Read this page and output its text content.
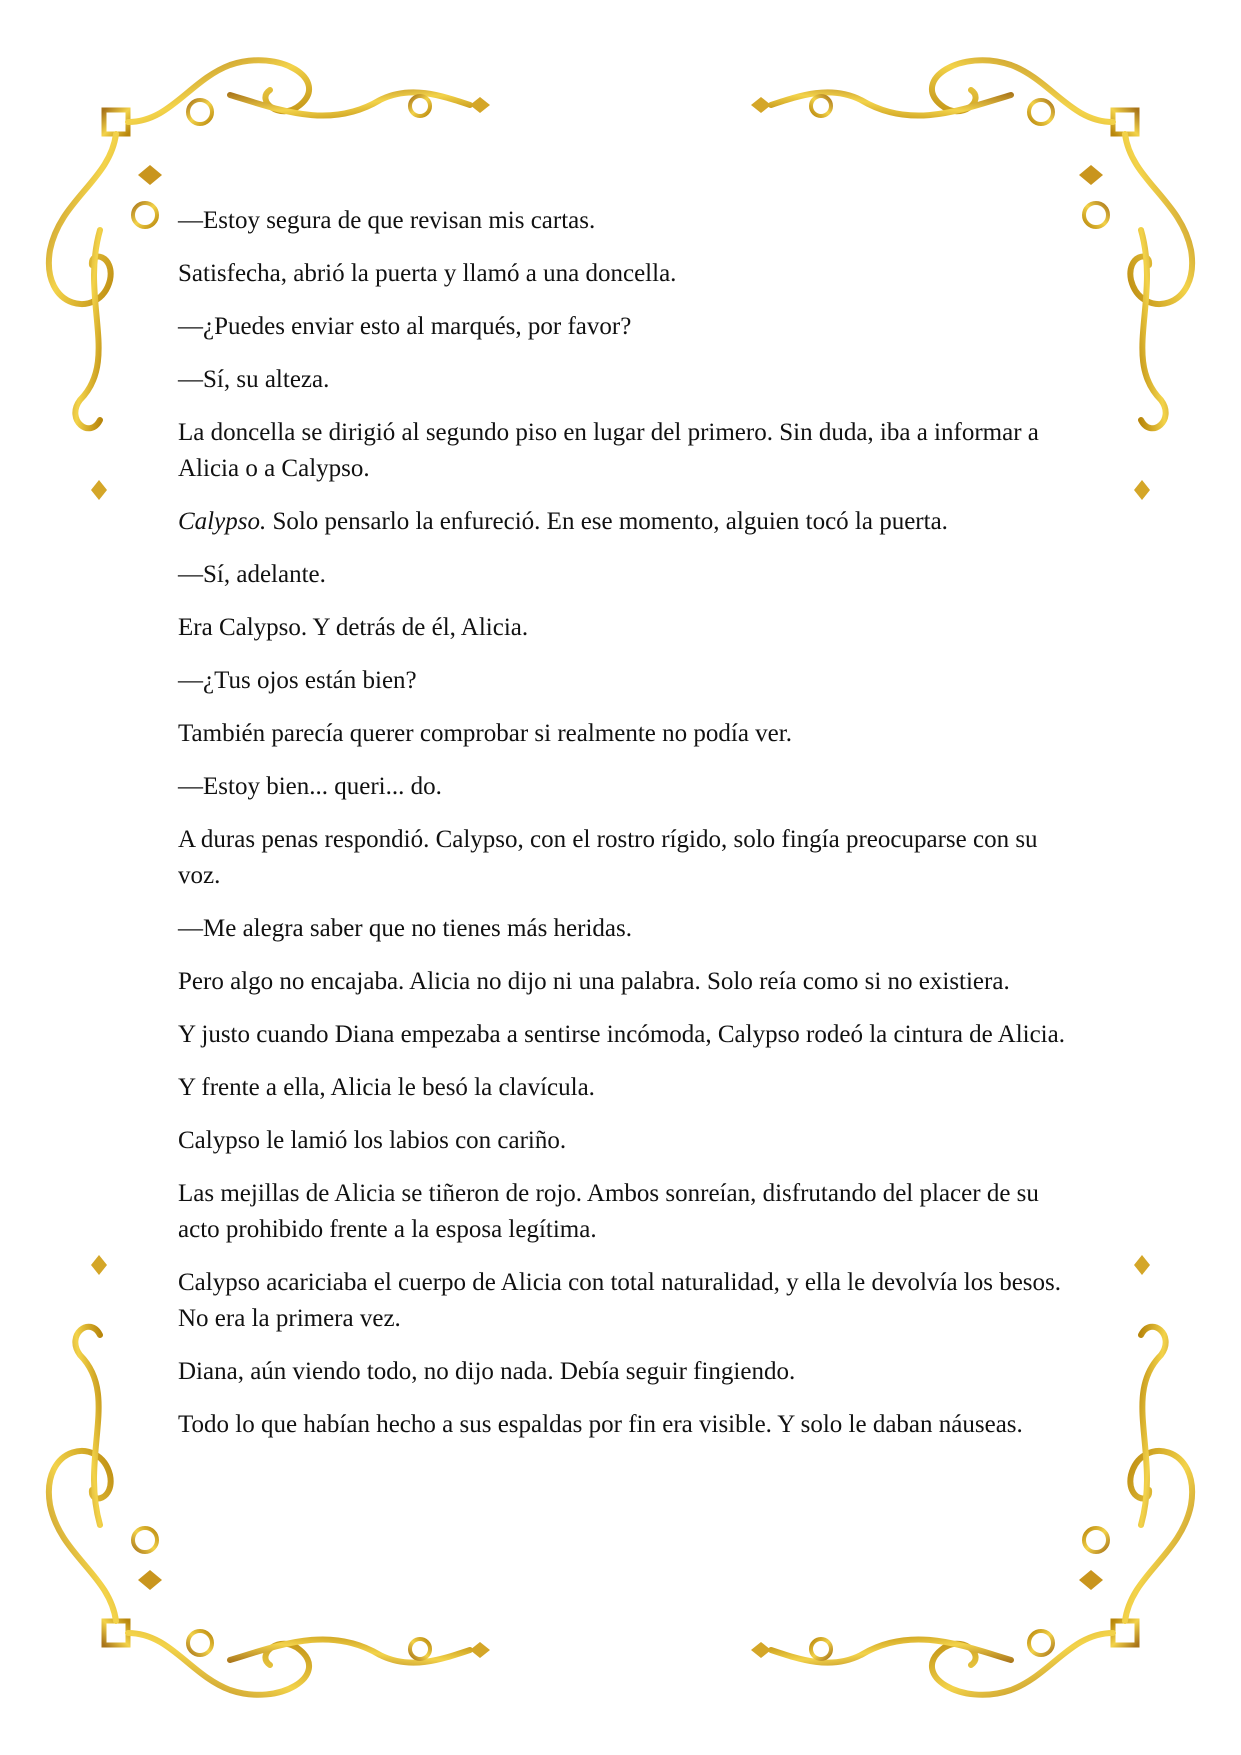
—Estoy segura de que revisan mis cartas.

Satisfecha, abrió la puerta y llamó a una doncella.

—¿Puedes enviar esto al marqués, por favor?

—Sí, su alteza.

La doncella se dirigió al segundo piso en lugar del primero. Sin duda, iba a informar a Alicia o a Calypso.

Calypso. Solo pensarlo la enfureció. En ese momento, alguien tocó la puerta.

—Sí, adelante.

Era Calypso. Y detrás de él, Alicia.

—¿Tus ojos están bien?

También parecía querer comprobar si realmente no podía ver.

—Estoy bien... queri... do.

A duras penas respondió. Calypso, con el rostro rígido, solo fingía preocuparse con su voz.

—Me alegra saber que no tienes más heridas.

Pero algo no encajaba. Alicia no dijo ni una palabra. Solo reía como si no existiera.

Y justo cuando Diana empezaba a sentirse incómoda, Calypso rodeó la cintura de Alicia.

Y frente a ella, Alicia le besó la clavícula.

Calypso le lamió los labios con cariño.

Las mejillas de Alicia se tiñeron de rojo. Ambos sonreían, disfrutando del placer de su acto prohibido frente a la esposa legítima.

Calypso acariciaba el cuerpo de Alicia con total naturalidad, y ella le devolvía los besos. No era la primera vez.

Diana, aún viendo todo, no dijo nada. Debía seguir fingiendo.

Todo lo que habían hecho a sus espaldas por fin era visible. Y solo le daban náuseas.
